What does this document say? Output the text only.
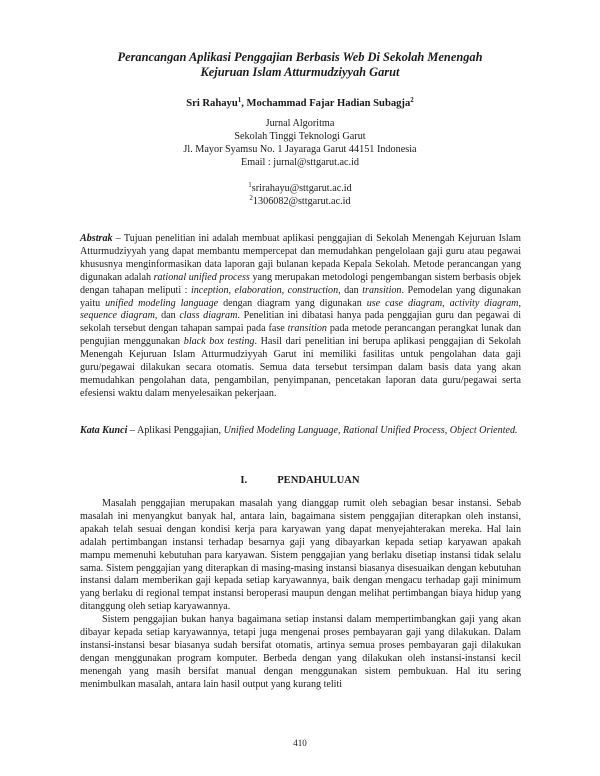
Perancangan Aplikasi Penggajian Berbasis Web Di Sekolah Menengah
Kejuruan Islam Atturmudziyyah Garut
Sri Rahayu$^1$, Mochammad Fajar Hadian Subagja$^2$
Jurnal Algoritma
Sekolah Tinggi Teknologi Garut
Jl. Mayor Syamsu No. 1 Jayaraga Garut 44151 Indonesia
Email : jurnal@sttgarut.ac.id
$^1$srirahayu@sttgarut.ac.id
$^2$1306082@sttgarut.ac.id
Abstrak – Tujuan penelitian ini adalah membuat aplikasi penggajian di Sekolah Menengah Kejuruan Islam Atturmudziyyah yang dapat membantu mempercepat dan memudahkan pengelolaan gaji guru atau pegawai khususnya menginformasikan data laporan gaji bulanan kepada Kepala Sekolah. Metode perancangan yang digunakan adalah rational unified process yang merupakan metodologi pengembangan sistem berbasis objek dengan tahapan meliputi : inception, elaboration, construction, dan transition. Pemodelan yang digunakan yaitu unified modeling language dengan diagram yang digunakan use case diagram, activity diagram, sequence diagram, dan class diagram. Penelitian ini dibatasi hanya pada penggajian guru dan pegawai di sekolah tersebut dengan tahapan sampai pada fase transition pada metode perancangan perangkat lunak dan pengujian menggunakan black box testing. Hasil dari penelitian ini berupa aplikasi penggajian di Sekolah Menengah Kejuruan Islam Atturmudziyyah Garut ini memiliki fasilitas untuk pengolahan data gaji guru/pegawai dilakukan secara otomatis. Semua data tersebut tersimpan dalam basis data yang akan memudahkan pengolahan data, pengambilan, penyimpanan, pencetakan laporan data guru/pegawai serta efesiensi waktu dalam menyelesaikan pekerjaan.
Kata Kunci – Aplikasi Penggajian, Unified Modeling Language, Rational Unified Process, Object Oriented.
I.	PENDAHULUAN

Masalah penggajian merupakan masalah yang dianggap rumit oleh sebagian besar instansi. Sebab masalah ini menyangkut banyak hal, antara lain, bagaimana sistem penggajian diterapkan oleh instansi, apakah telah sesuai dengan kondisi kerja para karyawan yang dapat menyejahterakan mereka. Hal lain adalah pertimbangan instansi terhadap besarnya gaji yang dibayarkan kepada setiap karyawan apakah mampu memenuhi kebutuhan para karyawan. Sistem penggajian yang berlaku disetiap instansi tidak selalu sama. Sistem penggajian yang diterapkan di masing-masing instansi biasanya disesuaikan dengan kebutuhan instansi dalam memberikan gaji kepada setiap karyawannya, baik dengan mengacu terhadap gaji minimum yang berlaku di regional tempat instansi beroperasi maupun dengan melihat pertimbangan biaya hidup yang ditanggung oleh setiap karyawannya.

Sistem penggajian bukan hanya bagaimana setiap instansi dalam mempertimbangkan gaji yang akan dibayar kepada setiap karyawannya, tetapi juga mengenai proses pembayaran gaji yang dilakukan. Dalam instansi-instansi besar biasanya sudah bersifat otomatis, artinya semua proses pembayaran gaji dilakukan dengan menggunakan program komputer. Berbeda dengan yang dilakukan oleh instansi-instansi kecil menengah yang masih bersifat manual dengan menggunakan sistem pembukuan. Hal itu sering menimbulkan masalah, antara lain hasil output yang kurang teliti

410
